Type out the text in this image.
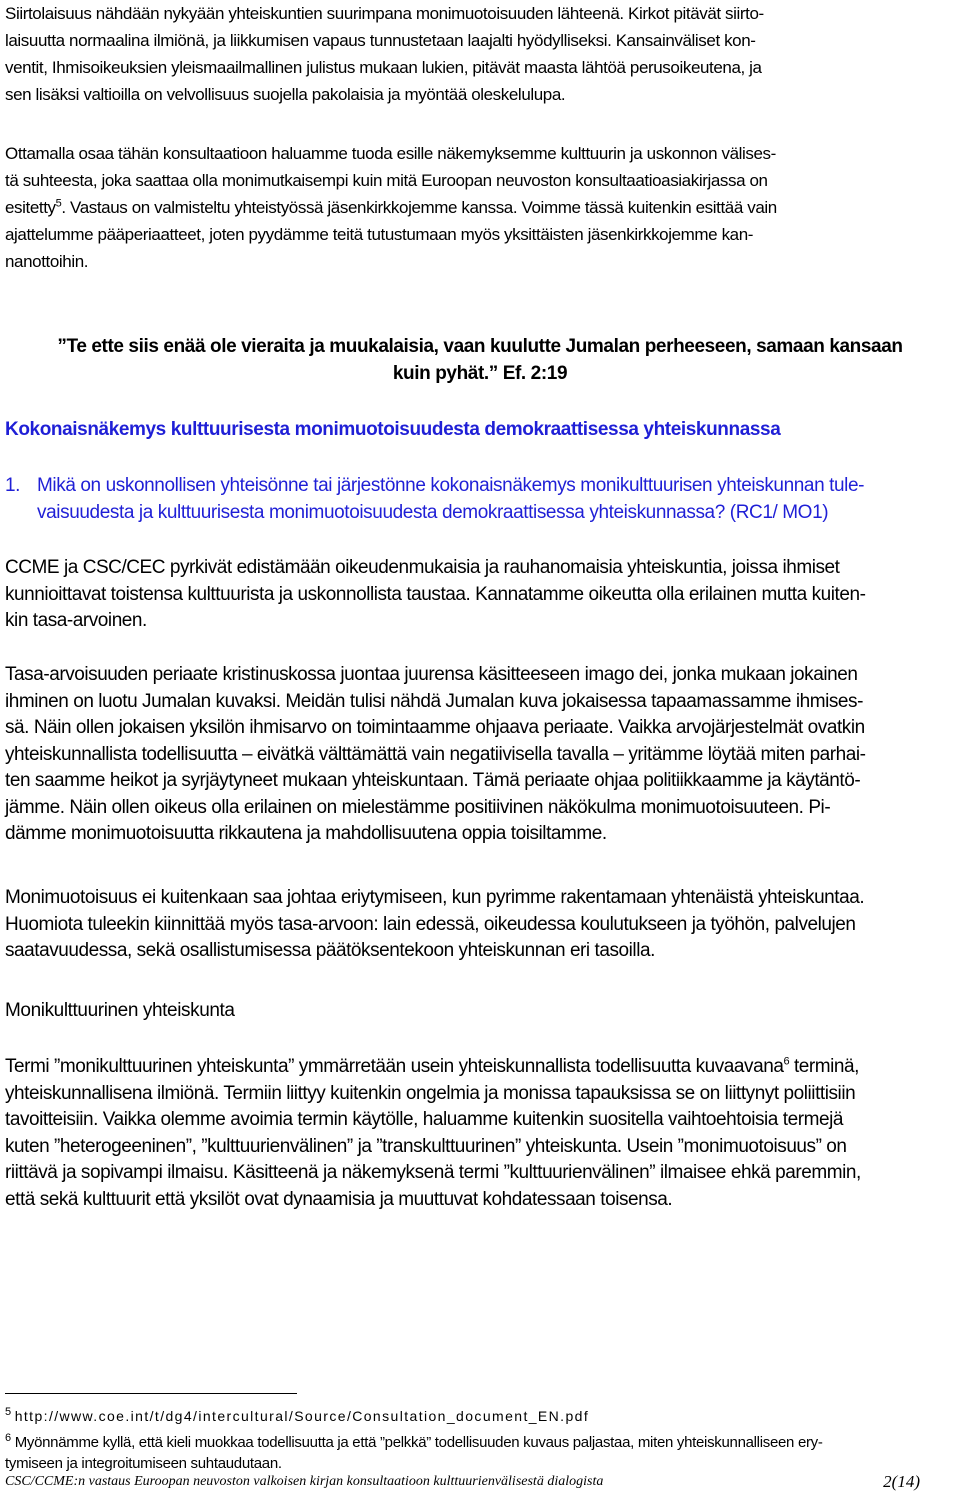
Siirtolaisuus nähdään nykyään yhteiskuntien suurimpana monimuotoisuuden lähteenä. Kirkot pitävät siirto-
laisuutta normaalina ilmiönä, ja liikkumisen vapaus tunnustetaan laajalti hyödylliseksi. Kansainväliset kon-
ventit, Ihmisoikeuksien yleismaailmallinen julistus mukaan lukien, pitävät maasta lähtöä perusoikeutena, ja
sen lisäksi valtioilla on velvollisuus suojella pakolaisia ja myöntää oleskelulupa.
Ottamalla osaa tähän konsultaatioon haluamme tuoda esille näkemyksemme kulttuurin ja uskonnon välises-
tä suhteesta, joka saattaa olla monimutkaisempi kuin mitä Euroopan neuvoston konsultaatioasiakirjassa on
esitetty$^5$. Vastaus on valmisteltu yhteistyössä jäsenkirkkojemme kanssa. Voimme tässä kuitenkin esittää vain
ajattelumme pääperiaatteet, joten pyydämme teitä tutustumaan myös yksittäisten jäsenkirkkojemme kan-
nanottoihin.
”Te ette siis enää ole vieraita ja muukalaisia, vaan kuulutte Jumalan perheeseen, samaan kansaan
kuin pyhät.” Ef. 2:19
Kokonaisnäkemys kulttuurisesta monimuotoisuudesta demokraattisessa yhteiskunnassa
1. Mikä on uskonnollisen yhteisönne tai järjestönne kokonaisnäkemys monikulttuurisen yhteiskunnan tule-
vaisuudesta ja kulttuurisesta monimuotoisuudesta demokraattisessa yhteiskunnassa? (RC1/ MO1)
CCME ja CSC/CEC pyrkivät edistämään oikeudenmukaisia ja rauhanomaisia yhteiskuntia, joissa ihmiset
kunnioittavat toistensa kulttuurista ja uskonnollista taustaa. Kannatamme oikeutta olla erilainen mutta kuiten-
kin tasa-arvoinen.
Tasa-arvoisuuden periaate kristinuskossa juontaa juurensa käsitteeseen imago dei, jonka mukaan jokainen
ihminen on luotu Jumalan kuvaksi. Meidän tulisi nähdä Jumalan kuva jokaisessa tapaamassamme ihmises-
sä. Näin ollen jokaisen yksilön ihmisarvo on toimintaamme ohjaava periaate. Vaikka arvojärjestelmät ovatkin
yhteiskunnallista todellisuutta – eivätkä välttämättä vain negatiivisella tavalla – yritämme löytää miten parhai-
ten saamme heikot ja syrjäytyneet mukaan yhteiskuntaan. Tämä periaate ohjaa politiikkaamme ja käytäntö-
jämme. Näin ollen oikeus olla erilainen on mielestämme positiivinen näkökulma monimuotoisuuteen. Pi-
dämme monimuotoisuutta rikkautena ja mahdollisuutena oppia toisiltamme.
Monimuotoisuus ei kuitenkaan saa johtaa eriytymiseen, kun pyrimme rakentamaan yhtenäistä yhteiskuntaa.
Huomiota tuleekin kiinnittää myös tasa-arvoon: lain edessä, oikeudessa koulutukseen ja työhön, palvelujen
saatavuudessa, sekä osallistumisessa päätöksentekoon yhteiskunnan eri tasoilla.
Monikulttuurinen yhteiskunta
Termi ”monikulttuurinen yhteiskunta” ymmärretään usein yhteiskunnallista todellisuutta kuvaavana$^6$ terminä,
yhteiskunnallisena ilmiönä. Termiin liittyy kuitenkin ongelmia ja monissa tapauksissa se on liittynyt poliittisiin
tavoitteisiin. Vaikka olemme avoimia termin käytölle, haluamme kuitenkin suositella vaihtoehtoisia termejä
kuten ”heterogeeninen”, ”kulttuurienvälinen” ja ”transkulttuurinen” yhteiskunta. Usein ”monimuotoisuus” on
riittävä ja sopivampi ilmaisu. Käsitteenä ja näkemyksenä termi ”kulttuurienvälinen” ilmaisee ehkä paremmin,
että sekä kulttuurit että yksilöt ovat dynaamisia ja muuttuvat kohdatessaan toisensa.
$^5$ http://www.coe.int/t/dg4/intercultural/Source/Consultation_document_EN.pdf
$^6$ Myönnämme kyllä, että kieli muokkaa todellisuutta ja että ”pelkkä” todellisuuden kuvaus paljastaa, miten yhteiskunnalliseen ery-
tymiseen ja integroitumiseen suhtaudutaan.
CSC/CCME:n vastaus Euroopan neuvoston valkoisen kirjan konsultaatioon kulttuurienvälisestä dialogista	2(14)
